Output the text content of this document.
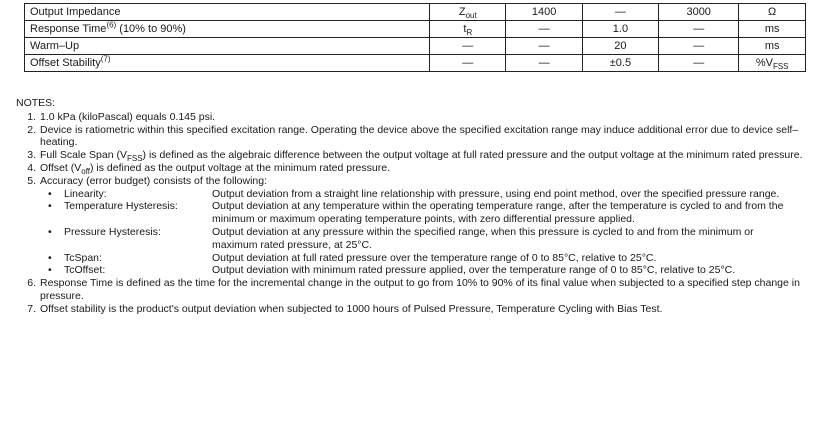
Output Impedance	$Z_{out}$	1400	—	3000	Ω
Response Time$^{(6)}$ (10% to 90%)	$t_R$	—	1.0	—	ms
Warm–Up	—	—	20	—	ms
Offset Stability$^{(7)}$	—	—	±0.5	—	$\%V_{FSS}$
NOTES:
1. 1.0 kPa (kiloPascal) equals 0.145 psi.
2. Device is ratiometric within this specified excitation range. Operating the device above the specified excitation range may induce additional error due to device self–heating.
3. Full Scale Span $(V_{FSS})$ is defined as the algebraic difference between the output voltage at full rated pressure and the output voltage at the minimum rated pressure.
4. Offset $(V_{off})$ is defined as the output voltage at the minimum rated pressure.
5. Accuracy (error budget) consists of the following:
•	Linearity:	Output deviation from a straight line relationship with pressure, using end point method, over the specified pressure range.
•	Temperature Hysteresis:	Output deviation at any temperature within the operating temperature range, after the temperature is cycled to and from the minimum or maximum operating temperature points, with zero differential pressure applied.
•	Pressure Hysteresis:	Output deviation at any pressure within the specified range, when this pressure is cycled to and from the minimum or maximum rated pressure, at 25°C.
•	TcSpan:	Output deviation at full rated pressure over the temperature range of 0 to 85°C, relative to 25°C.
•	TcOffset:	Output deviation with minimum rated pressure applied, over the temperature range of 0 to 85°C, relative to 25°C.
6. Response Time is defined as the time for the incremental change in the output to go from 10% to 90% of its final value when subjected to a specified step change in pressure.
7. Offset stability is the product's output deviation when subjected to 1000 hours of Pulsed Pressure, Temperature Cycling with Bias Test.
